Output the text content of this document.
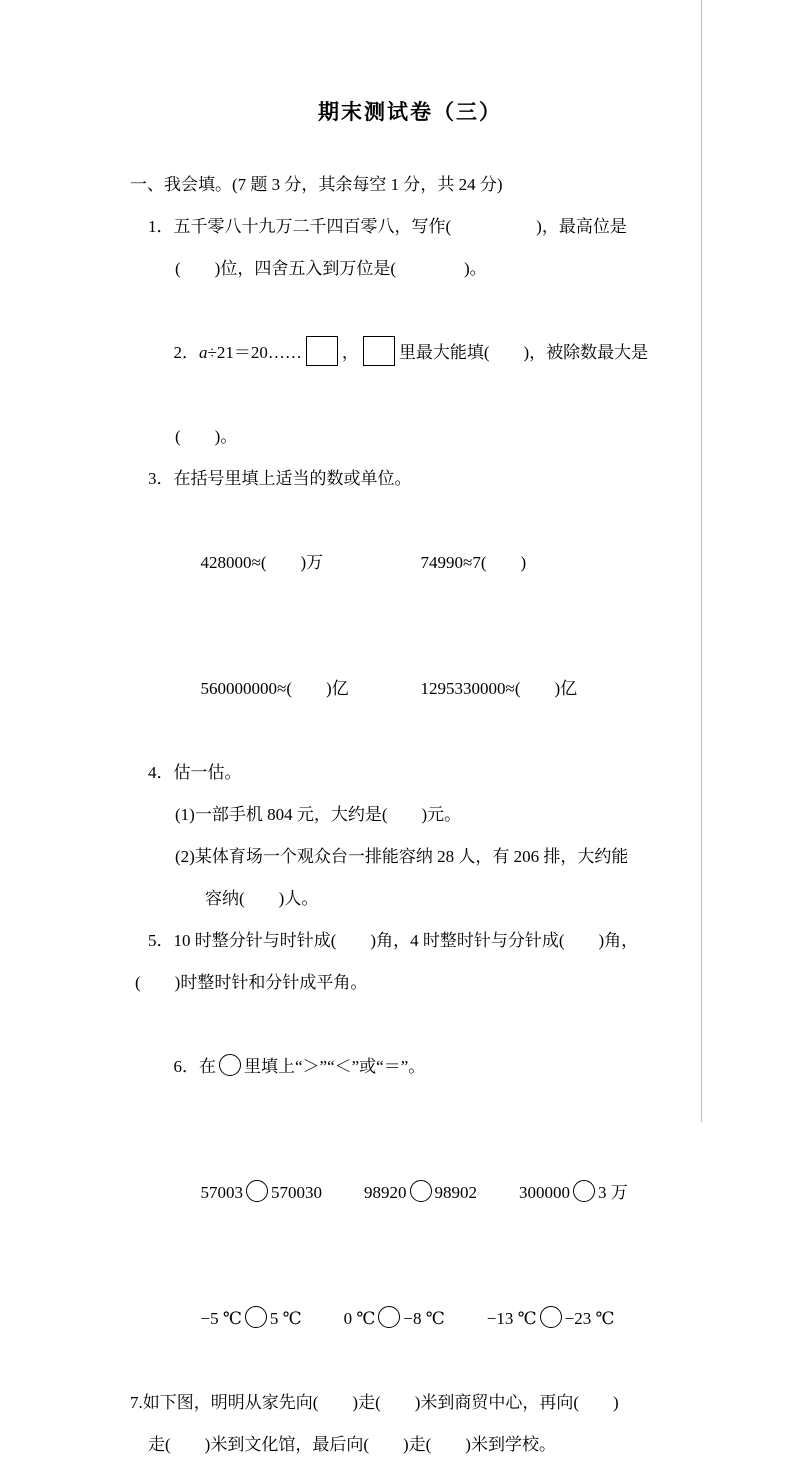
期末测试卷（三）
一、我会填。(7 题 3 分，其余每空 1 分，共 24 分)
1．五千零八十九万二千四百零八，写作(　　　　　)，最高位是
(　　)位，四舍五入到万位是(　　　　)。

2．a÷21＝20…… ， 里最大能填(　　)，被除数最大是

(　　)。
3．在括号里填上适当的数或单位。

428000≈(　　)万	74990≈7(　　)

560000000≈(　　)亿	1295330000≈(　　)亿

4．估一估。
(1)一部手机 804 元，大约是(　　)元。
(2)某体育场一个观众台一排能容纳 28 人，有 206 排，大约能
容纳(　　)人。
5．10 时整分针与时针成(　　)角，4 时整时针与分针成(　　)角，
(　　)时整时针和分针成平角。

6．在 里填上“＞”“＜”或“＝”。

57003 570030 98920 98902 300000 3 万

−5 ℃ 5 ℃ 0 ℃ −8 ℃ −13 ℃ −23 ℃

7.如下图，明明从家先向(　　)走(　　)米到商贸中心，再向(　　)
走(　　)米到文化馆，最后向(　　)走(　　)米到学校。
